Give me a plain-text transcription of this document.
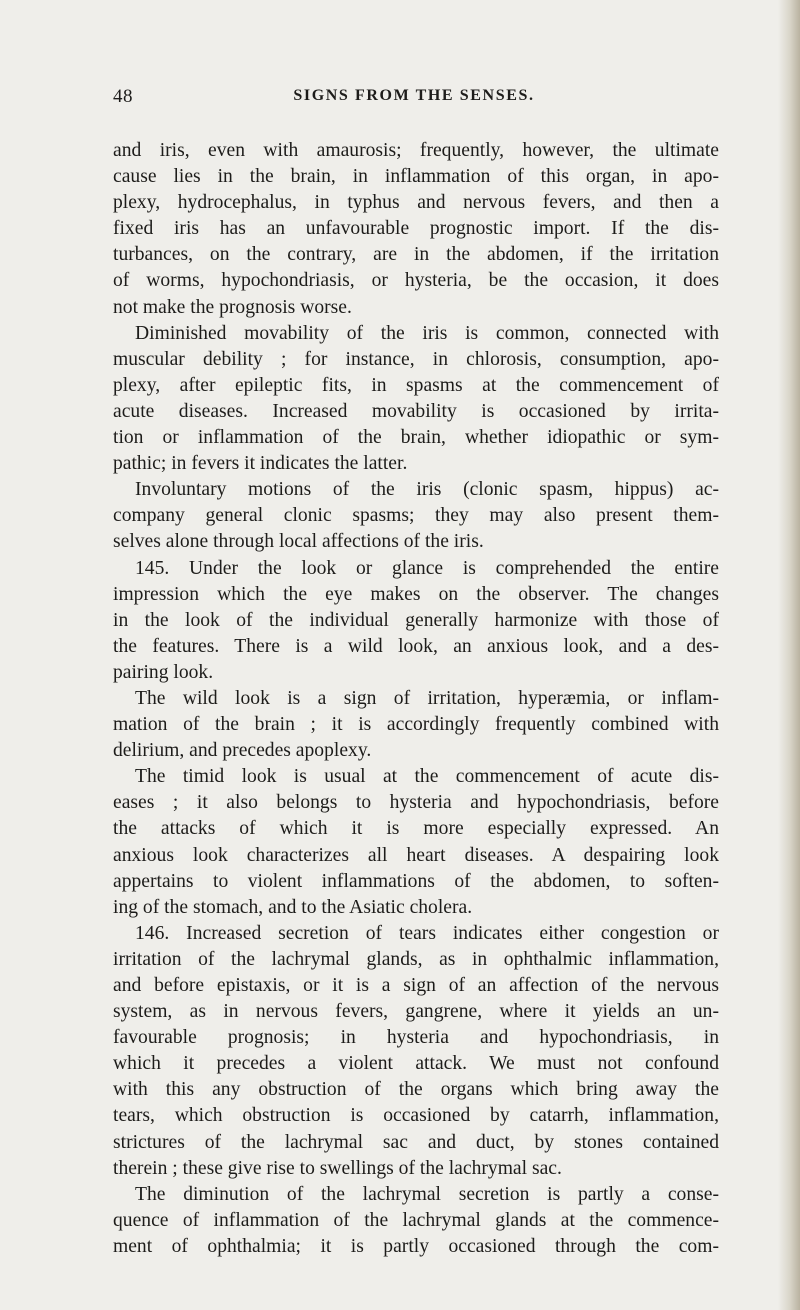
48	SIGNS FROM THE SENSES.
and iris, even with amaurosis; frequently, however, the ultimate
cause lies in the brain, in inflammation of this organ, in apo-
plexy, hydrocephalus, in typhus and nervous fevers, and then a
fixed iris has an unfavourable prognostic import. If the dis-
turbances, on the contrary, are in the abdomen, if the irritation
of worms, hypochondriasis, or hysteria, be the occasion, it does
not make the prognosis worse.
Diminished movability of the iris is common, connected with
muscular debility ; for instance, in chlorosis, consumption, apo-
plexy, after epileptic fits, in spasms at the commencement of
acute diseases. Increased movability is occasioned by irrita-
tion or inflammation of the brain, whether idiopathic or sym-
pathic; in fevers it indicates the latter.
Involuntary motions of the iris (clonic spasm, hippus) ac-
company general clonic spasms; they may also present them-
selves alone through local affections of the iris.
145. Under the look or glance is comprehended the entire
impression which the eye makes on the observer. The changes
in the look of the individual generally harmonize with those of
the features. There is a wild look, an anxious look, and a des-
pairing look.
The wild look is a sign of irritation, hyperæmia, or inflam-
mation of the brain ; it is accordingly frequently combined with
delirium, and precedes apoplexy.
The timid look is usual at the commencement of acute dis-
eases ; it also belongs to hysteria and hypochondriasis, before
the attacks of which it is more especially expressed. An
anxious look characterizes all heart diseases. A despairing look
appertains to violent inflammations of the abdomen, to soften-
ing of the stomach, and to the Asiatic cholera.
146. Increased secretion of tears indicates either congestion or
irritation of the lachrymal glands, as in ophthalmic inflammation,
and before epistaxis, or it is a sign of an affection of the nervous
system, as in nervous fevers, gangrene, where it yields an un-
favourable prognosis; in hysteria and hypochondriasis, in
which it precedes a violent attack. We must not confound
with this any obstruction of the organs which bring away the
tears, which obstruction is occasioned by catarrh, inflammation,
strictures of the lachrymal sac and duct, by stones contained
therein ; these give rise to swellings of the lachrymal sac.
The diminution of the lachrymal secretion is partly a conse-
quence of inflammation of the lachrymal glands at the commence-
ment of ophthalmia; it is partly occasioned through the com-
